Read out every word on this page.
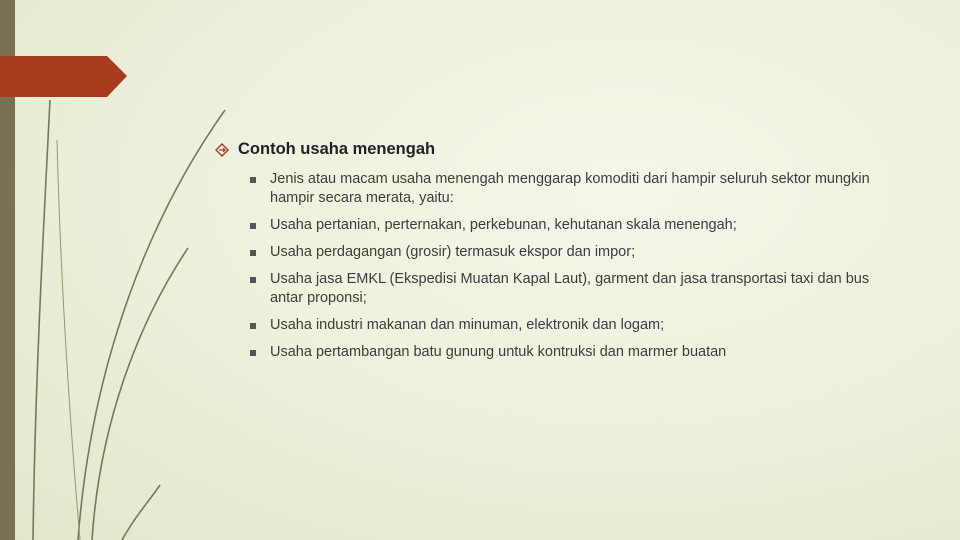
Contoh usaha menengah
Jenis atau macam usaha menengah menggarap komoditi dari hampir seluruh sektor mungkin hampir secara merata, yaitu:
Usaha pertanian, perternakan, perkebunan, kehutanan skala menengah;
Usaha perdagangan (grosir) termasuk ekspor dan impor;
Usaha jasa EMKL (Ekspedisi Muatan Kapal Laut), garment dan jasa transportasi taxi dan bus antar proponsi;
Usaha industri makanan dan minuman, elektronik dan logam;
Usaha pertambangan batu gunung untuk kontruksi dan marmer buatan
